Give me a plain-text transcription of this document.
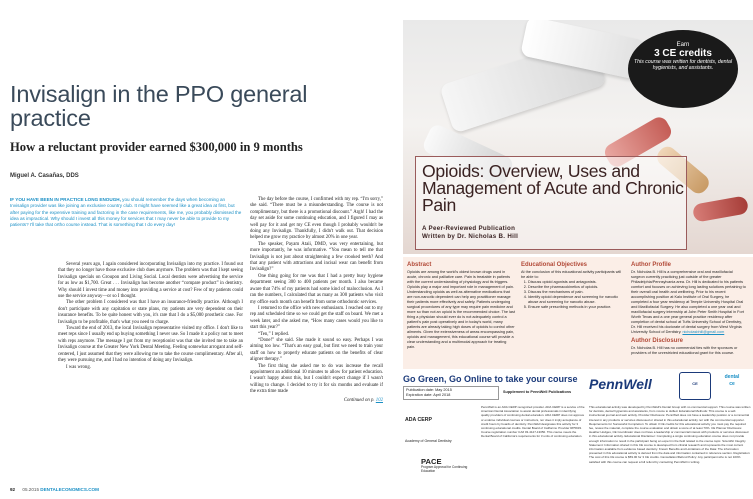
Invisalign in the PPO general practice
How a reluctant provider earned $300,000 in 9 months
Miguel A. Casañas, DDS
IF YOU HAVE BEEN IN PRACTICE LONG ENOUGH, you should remember the days when becoming an Invisalign provider was like joining an exclusive country club. It might have seemed like a great idea at first, but after paying for the expensive training and factoring in the case requirements, like me, you probably dismissed the idea as impractical. Why should I invest all this money for services that I may never be able to provide to my patients? I'll take that ortho course instead. That is something that I do every day!

Several years ago, I again considered incorporating Invisalign into my practice. I found out that they no longer have those exclusive club dues anymore. The problem was that I kept seeing Invisalign specials on Groupon and Living Social. Local dentists were advertising the service for as low as $1,700. Great . . . Invisalign has become another “compare product” in dentistry. Why should I invest time and money into providing a service at cost? Few of my patients could use the service anyway—or so I thought.

The other problem I considered was that I have an insurance-friendly practice. Although I don't participate with any capitation or state plans, my patients are very dependent on their insurance benefits. To be quite honest with you, it's rare that I do a $5,000 prosthetic case. For Invisalign to be profitable, that's what you need to charge.

Toward the end of 2013, the local Invisalign representative visited my office. I don't like to meet reps since I usually end up buying something I never use. So I made it a policy not to meet with reps anymore. The message I got from my receptionist was that she invited me to take an Invisalign course at the Greater New York Dental Meeting. Feeling somewhat arrogant and self-centered, I just assumed that they were allowing me to take the course complimentary. After all, they were pursuing me, and I had no intention of doing any Invisalign.

I was wrong.

The day before the course, I confirmed with my rep. “I'm sorry,” she said. “There must be a misunderstanding. The course is not complimentary, but there is a promotional discount.” Argh! I had the day set aside for some continuing education, and I figured I may as well pay for it and get my CE even though I probably wouldn't be doing any Invisalign. Thankfully, I didn't walk out. That decision helped me grow my practice by almost 20% in one year.

The speaker, Payam Ataii, DMD, was very entertaining, but more importantly, he was informative. “You mean to tell me that Invisalign is not just about straightening a few crooked teeth? And that any patient with attractions and incisal wear can benefit from Invisalign?”

One thing going for me was that I had a pretty busy hygiene department seeing 300 to 400 patients per month. I also became aware that 74% of my patients had some kind of malocclusion. As I ran the numbers, I calculated that as many as 300 patients who visit my office each month can benefit from some orthodontic services.

I returned to the office with new enthusiasm. I reached out to my rep and scheduled time so we could get the staff on board. We met a week later, and she asked me, “How many cases would you like to start this year?”

“Ten,” I replied.

“Done!” she said. She made it sound so easy. Perhaps I was aiming too low. “That's an easy goal, but first we need to train your staff on how to properly educate patients on the benefits of clear aligner therapy.”

The first thing she asked me to do was increase the recall appointment an additional 10 minutes to allow for patient education. I wasn't happy about this, but I couldn't expect change if I wasn't willing to change. I decided to try it for six months and evaluate if the extra time made

Continued on p. 102
92 05.2015 DENTALECONOMICS.COM
Earn
3 CE credits
This course was written for dentists, dental hygienists, and assistants.
Opioids: Overview, Uses and Management of Acute and Chronic Pain
A Peer-Reviewed Publication
Written by Dr. Nicholas B. Hill
Abstract
Opioids are among the world's oldest known drugs used in acute, chronic and palliative care. Pain is treatable in patients with the current understanding of physiology and its triggers. Opioids play a major and important role in management of pain. Understanding opioids as well as alternative medications that are non-narcotic dependent can help any practitioner manage their patients more effectively and safely. Patients undergoing surgical procedures of any type may require pain medicine and more so than not an opioid is the recommended choice. The last thing a physician should ever do is not adequately control a patient's pain post operatively and in today's world, many patients are already taking high doses of opioids to control other ailments. Given the extensiveness of areas encompassing pain, opioids and management, this educational course will provide a clear understanding and a multimodal approach for treating pain.
Educational Objectives
At the conclusion of this educational activity participants will be able to:
1. Discuss opioid agonists and antagonists.
2. Describe the pharmacokinetics of opioids.
3. Discuss the mechanisms of pain.
4. Identify opioid dependence and screening for narcotic abuse and screening for narcotic abuse.
5. Ensure safe prescribing methods in your practice.
Author Profile
Dr. Nicholas B. Hill is a comprehensive oral and maxillofacial surgeon currently practicing just outside of the greater Philadelphia/Pennsylvania area. Dr. Hill is dedicated to his patients comfort and focuses on achieving long lasting solutions pertaining to their overall oral health and wellbeing. Prior to his recent accomplishing position at Kalo Institute of Oral Surgery, he completed a four year residency at Temple University Hospital Oral and Maxillofacial Surgery. He also completed a one year oral and maxillofacial surgery internship at John Peter Smith Hospital in Fort Worth Texas and a one year general practice residency after completion of dental school at Tufts University School of Dentistry, Dr. Hill received his doctorate of dental surgery from West Virginia University School of Dentistry. nicholasbhill@gmail.com
Author Disclosure
Dr. Nicholas B. Hill has no commercial ties with the sponsors or providers of the unrestricted educational grant for this course.
Go Green, Go Online to take your course
Publication date: May 2015
Expiration date: April 2018
Supplement to PennWell Publications PennWell	CE
dental
ce
ADA CERP
Academy of General Dentistry
PACE
Program Approval for Continuing Education
PennWell is an ADA CERP recognized provider. ADA CERP is a service of the American Dental Association to assist dental professionals in identifying quality providers of continuing dental education. ADA CERP does not approve or endorse individual courses or instructors, nor does it imply acceptance of credit hours by boards of dentistry. PennWell designates this activity for 3 continuing educational credits. Dental Board of California: Provider RP5933. Course registration number CA# 03-4127-13050. This course meets the Dental Board of California's requirements for 3 units of continuing education.
This educational activity was developed by PennWell's Dental Group with no commercial support. This course was written for dentists, dental hygienists and assistants, from novice to skilled. Educational Methods: This course is a self-instructional journal and web activity. Provider Disclosure: PennWell does not have a leadership position or a commercial interest in any products or services discussed or shared in this educational activity nor with the commercial supporter. Requirements for Successful Completion: To obtain 3 CE credits for this educational activity you must pay the required fee, review the material, complete the course evaluation and obtain a score of at least 70%. CE Planner Disclosure: Heather Hodges, CE Coordinator does not have a leadership or commercial interest with products or services discussed in this educational activity. Educational Disclaimer: Completing a single continuing education course does not provide enough information to result in the participant being an expert in the field related to the course topic. Scientific Integrity Statement: Information shared in this CE course is developed from clinical research and represents the most current information available from evidence based dentistry. Known Benefits and Limitations of the Data: The information presented in this educational activity is derived from the data and information contained in reference section. Registration: The cost of this CE course is $59.00 for 3 CE credits. Cancellation/Refund Policy: Any participant who is not 100% satisfied with this course can request a full refund by contacting PennWell in writing.
